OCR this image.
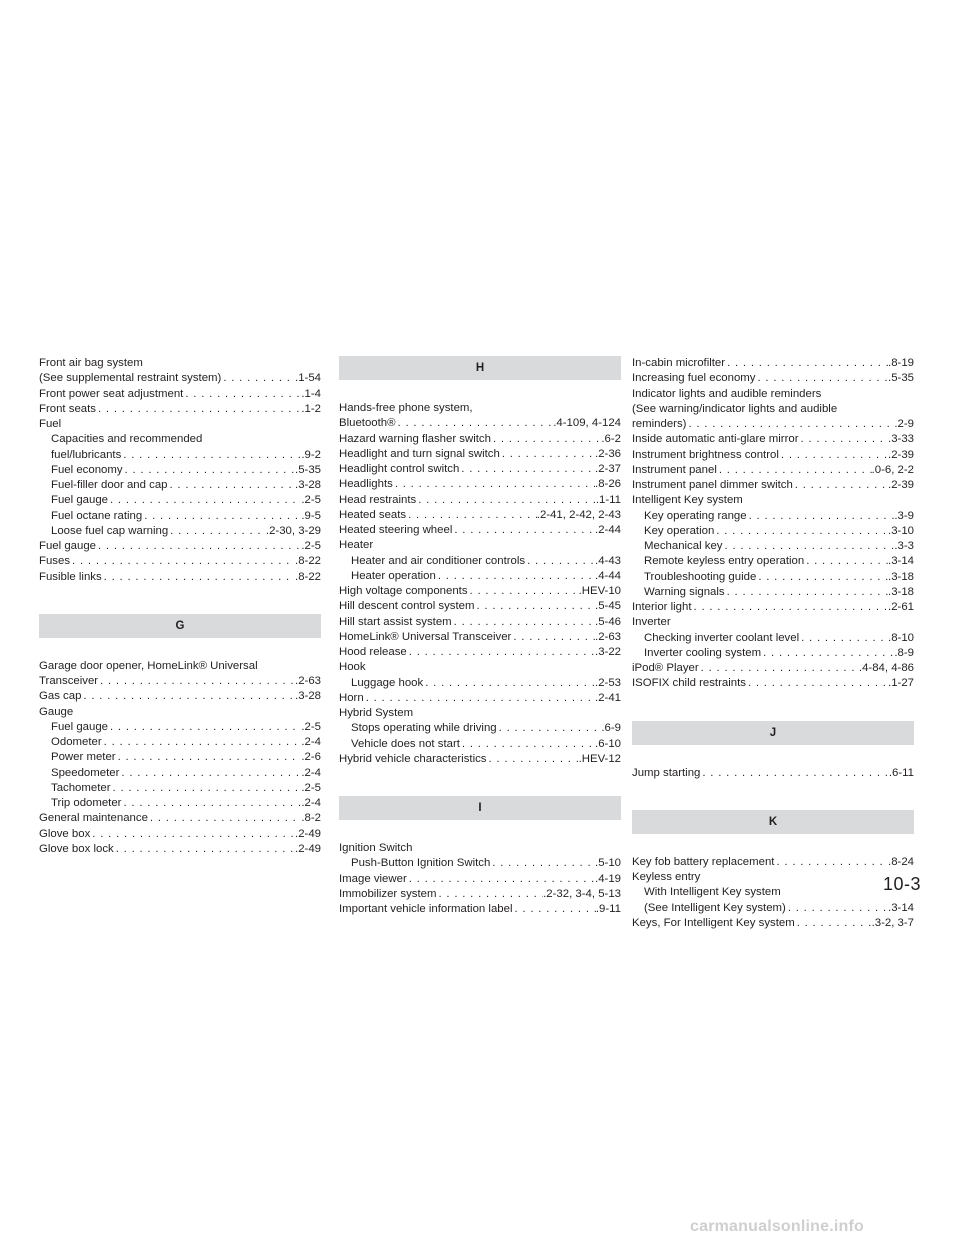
Front air bag system
(See supplemental restraint system) . . .	.1-54
Front power seat adjustment . . .	.1-4
Front seats . . .	.1-2
Fuel
Capacities and recommended
fuel/lubricants . . .	.9-2
Fuel economy . . .	.5-35
Fuel-filler door and cap . . .	.3-28
Fuel gauge . . .	.2-5
Fuel octane rating . . .	.9-5
Loose fuel cap warning . . .	.2-30, 3-29
Fuel gauge . . .	.2-5
Fuses . . .	.8-22
Fusible links . . .	.8-22
G
Garage door opener, HomeLink® Universal
Transceiver . . .	.2-63
Gas cap . . .	.3-28
Gauge
Fuel gauge . . .	.2-5
Odometer . . .	.2-4
Power meter . . .	.2-6
Speedometer . . .	.2-4
Tachometer . . .	.2-5
Trip odometer . . .	.2-4
General maintenance . . .	.8-2
Glove box . . .	.2-49
Glove box lock . . .	.2-49
H
Hands-free phone system,
Bluetooth® . . .	.4-109, 4-124
Hazard warning flasher switch . . .	.6-2
Headlight and turn signal switch . . .	.2-36
Headlight control switch . . .	.2-37
Headlights . . .	.8-26
Head restraints . . .	.1-11
Heated seats . . .	.2-41, 2-42, 2-43
Heated steering wheel . . .	.2-44
Heater
Heater and air conditioner controls . . .	.4-43
Heater operation . . .	.4-44
High voltage components . . .	.HEV-10
Hill descent control system . . .	.5-45
Hill start assist system . . .	.5-46
HomeLink® Universal Transceiver . . .	.2-63
Hood release . . .	.3-22
Hook
Luggage hook . . .	.2-53
Horn . . .	.2-41
Hybrid System
Stops operating while driving . . .	.6-9
Vehicle does not start . . .	.6-10
Hybrid vehicle characteristics . . .	.HEV-12
I
Ignition Switch
Push-Button Ignition Switch . . .	.5-10
Image viewer . . .	.4-19
Immobilizer system . . .	.2-32, 3-4, 5-13
Important vehicle information label . . .	.9-11
In-cabin microfilter . . .	.8-19
Increasing fuel economy . . .	.5-35
Indicator lights and audible reminders
(See warning/indicator lights and audible
reminders) . . .	.2-9
Inside automatic anti-glare mirror . . .	.3-33
Instrument brightness control . . .	.2-39
Instrument panel . . .	.0-6, 2-2
Instrument panel dimmer switch . . .	.2-39
Intelligent Key system
Key operating range . . .	.3-9
Key operation . . .	.3-10
Mechanical key . . .	.3-3
Remote keyless entry operation . . .	.3-14
Troubleshooting guide . . .	.3-18
Warning signals . . .	.3-18
Interior light . . .	.2-61
Inverter
Checking inverter coolant level . . .	.8-10
Inverter cooling system . . .	.8-9
iPod® Player . . .	.4-84, 4-86
ISOFIX child restraints . . .	.1-27
J
Jump starting . . .	.6-11
K
Key fob battery replacement . . .	.8-24
Keyless entry
With Intelligent Key system
(See Intelligent Key system) . . .	.3-14
Keys, For Intelligent Key system . . .	.3-2, 3-7
10-3
carmanualsonline.info
